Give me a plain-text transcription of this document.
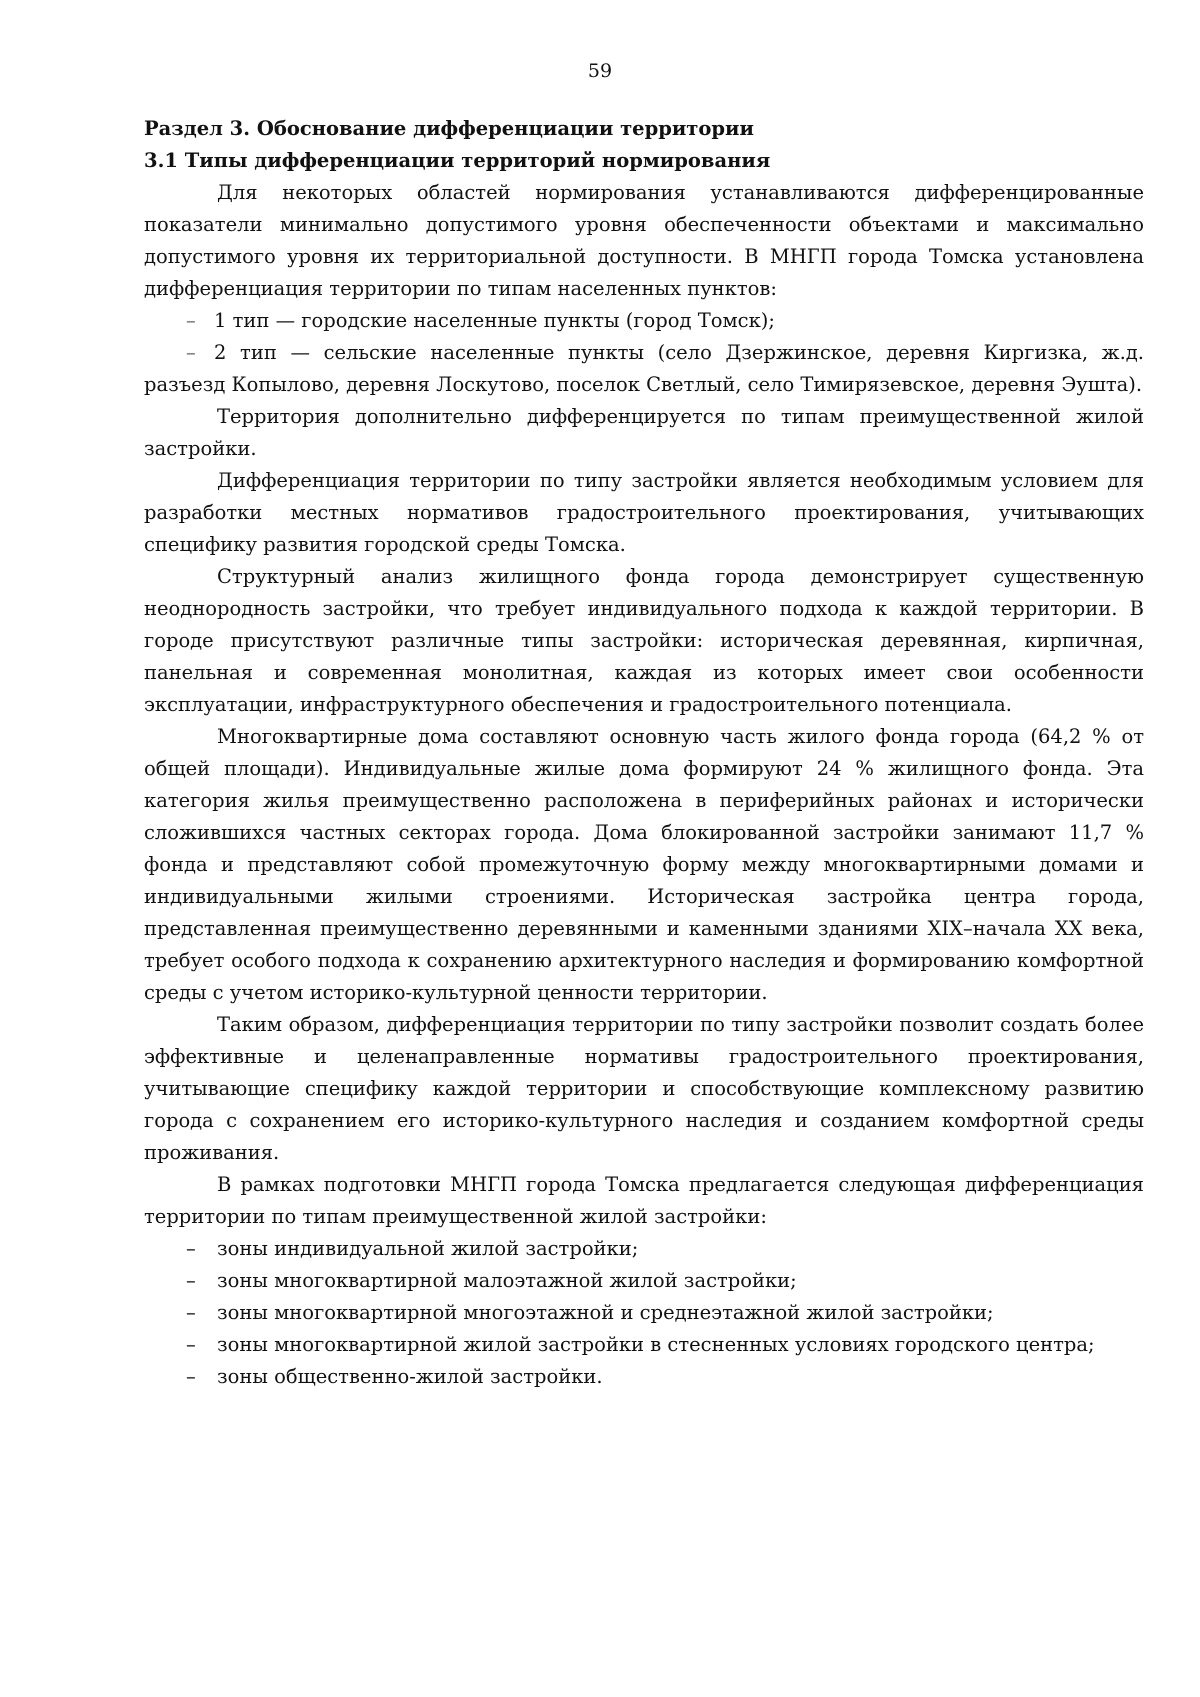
59

Раздел 3. Обоснование дифференциации территории

3.1 Типы дифференциации территорий нормирования

Для некоторых областей нормирования устанавливаются дифференцированные показатели минимально допустимого уровня обеспеченности объектами и максимально допустимого уровня их территориальной доступности. В МНГП города Томска установлена дифференциация территории по типам населенных пунктов:

– 1 тип — городские населенные пункты (город Томск);

– 2 тип — сельские населенные пункты (село Дзержинское, деревня Киргизка, ж.д. разъезд Копылово, деревня Лоскутово, поселок Светлый, село Тимирязевское, деревня Эушта).

Территория дополнительно дифференцируется по типам преимущественной жилой застройки.

Дифференциация территории по типу застройки является необходимым условием для разработки местных нормативов градостроительного проектирования, учитывающих специфику развития городской среды Томска.

Структурный анализ жилищного фонда города демонстрирует существенную неоднородность застройки, что требует индивидуального подхода к каждой территории. В городе присутствуют различные типы застройки: историческая деревянная, кирпичная, панельная и современная монолитная, каждая из которых имеет свои особенности эксплуатации, инфраструктурного обеспечения и градостроительного потенциала.

Многоквартирные дома составляют основную часть жилого фонда города (64,2 % от общей площади). Индивидуальные жилые дома формируют 24 % жилищного фонда. Эта категория жилья преимущественно расположена в периферийных районах и исторически сложившихся частных секторах города. Дома блокированной застройки занимают 11,7 % фонда и представляют собой промежуточную форму между многоквартирными домами и индивидуальными жилыми строениями. Историческая застройка центра города, представленная преимущественно деревянными и каменными зданиями XIX–начала XX века, требует особого подхода к сохранению архитектурного наследия и формированию комфортной среды с учетом историко-культурной ценности территории.

Таким образом, дифференциация территории по типу застройки позволит создать более эффективные и целенаправленные нормативы градостроительного проектирования, учитывающие специфику каждой территории и способствующие комплексному развитию города с сохранением его историко-культурного наследия и созданием комфортной среды проживания.

В рамках подготовки МНГП города Томска предлагается следующая дифференциация территории по типам преимущественной жилой застройки:

– зоны индивидуальной жилой застройки;
– зоны многоквартирной малоэтажной жилой застройки;
– зоны многоквартирной многоэтажной и среднеэтажной жилой застройки;
– зоны многоквартирной жилой застройки в стесненных условиях городского центра;
– зоны общественно-жилой застройки.
